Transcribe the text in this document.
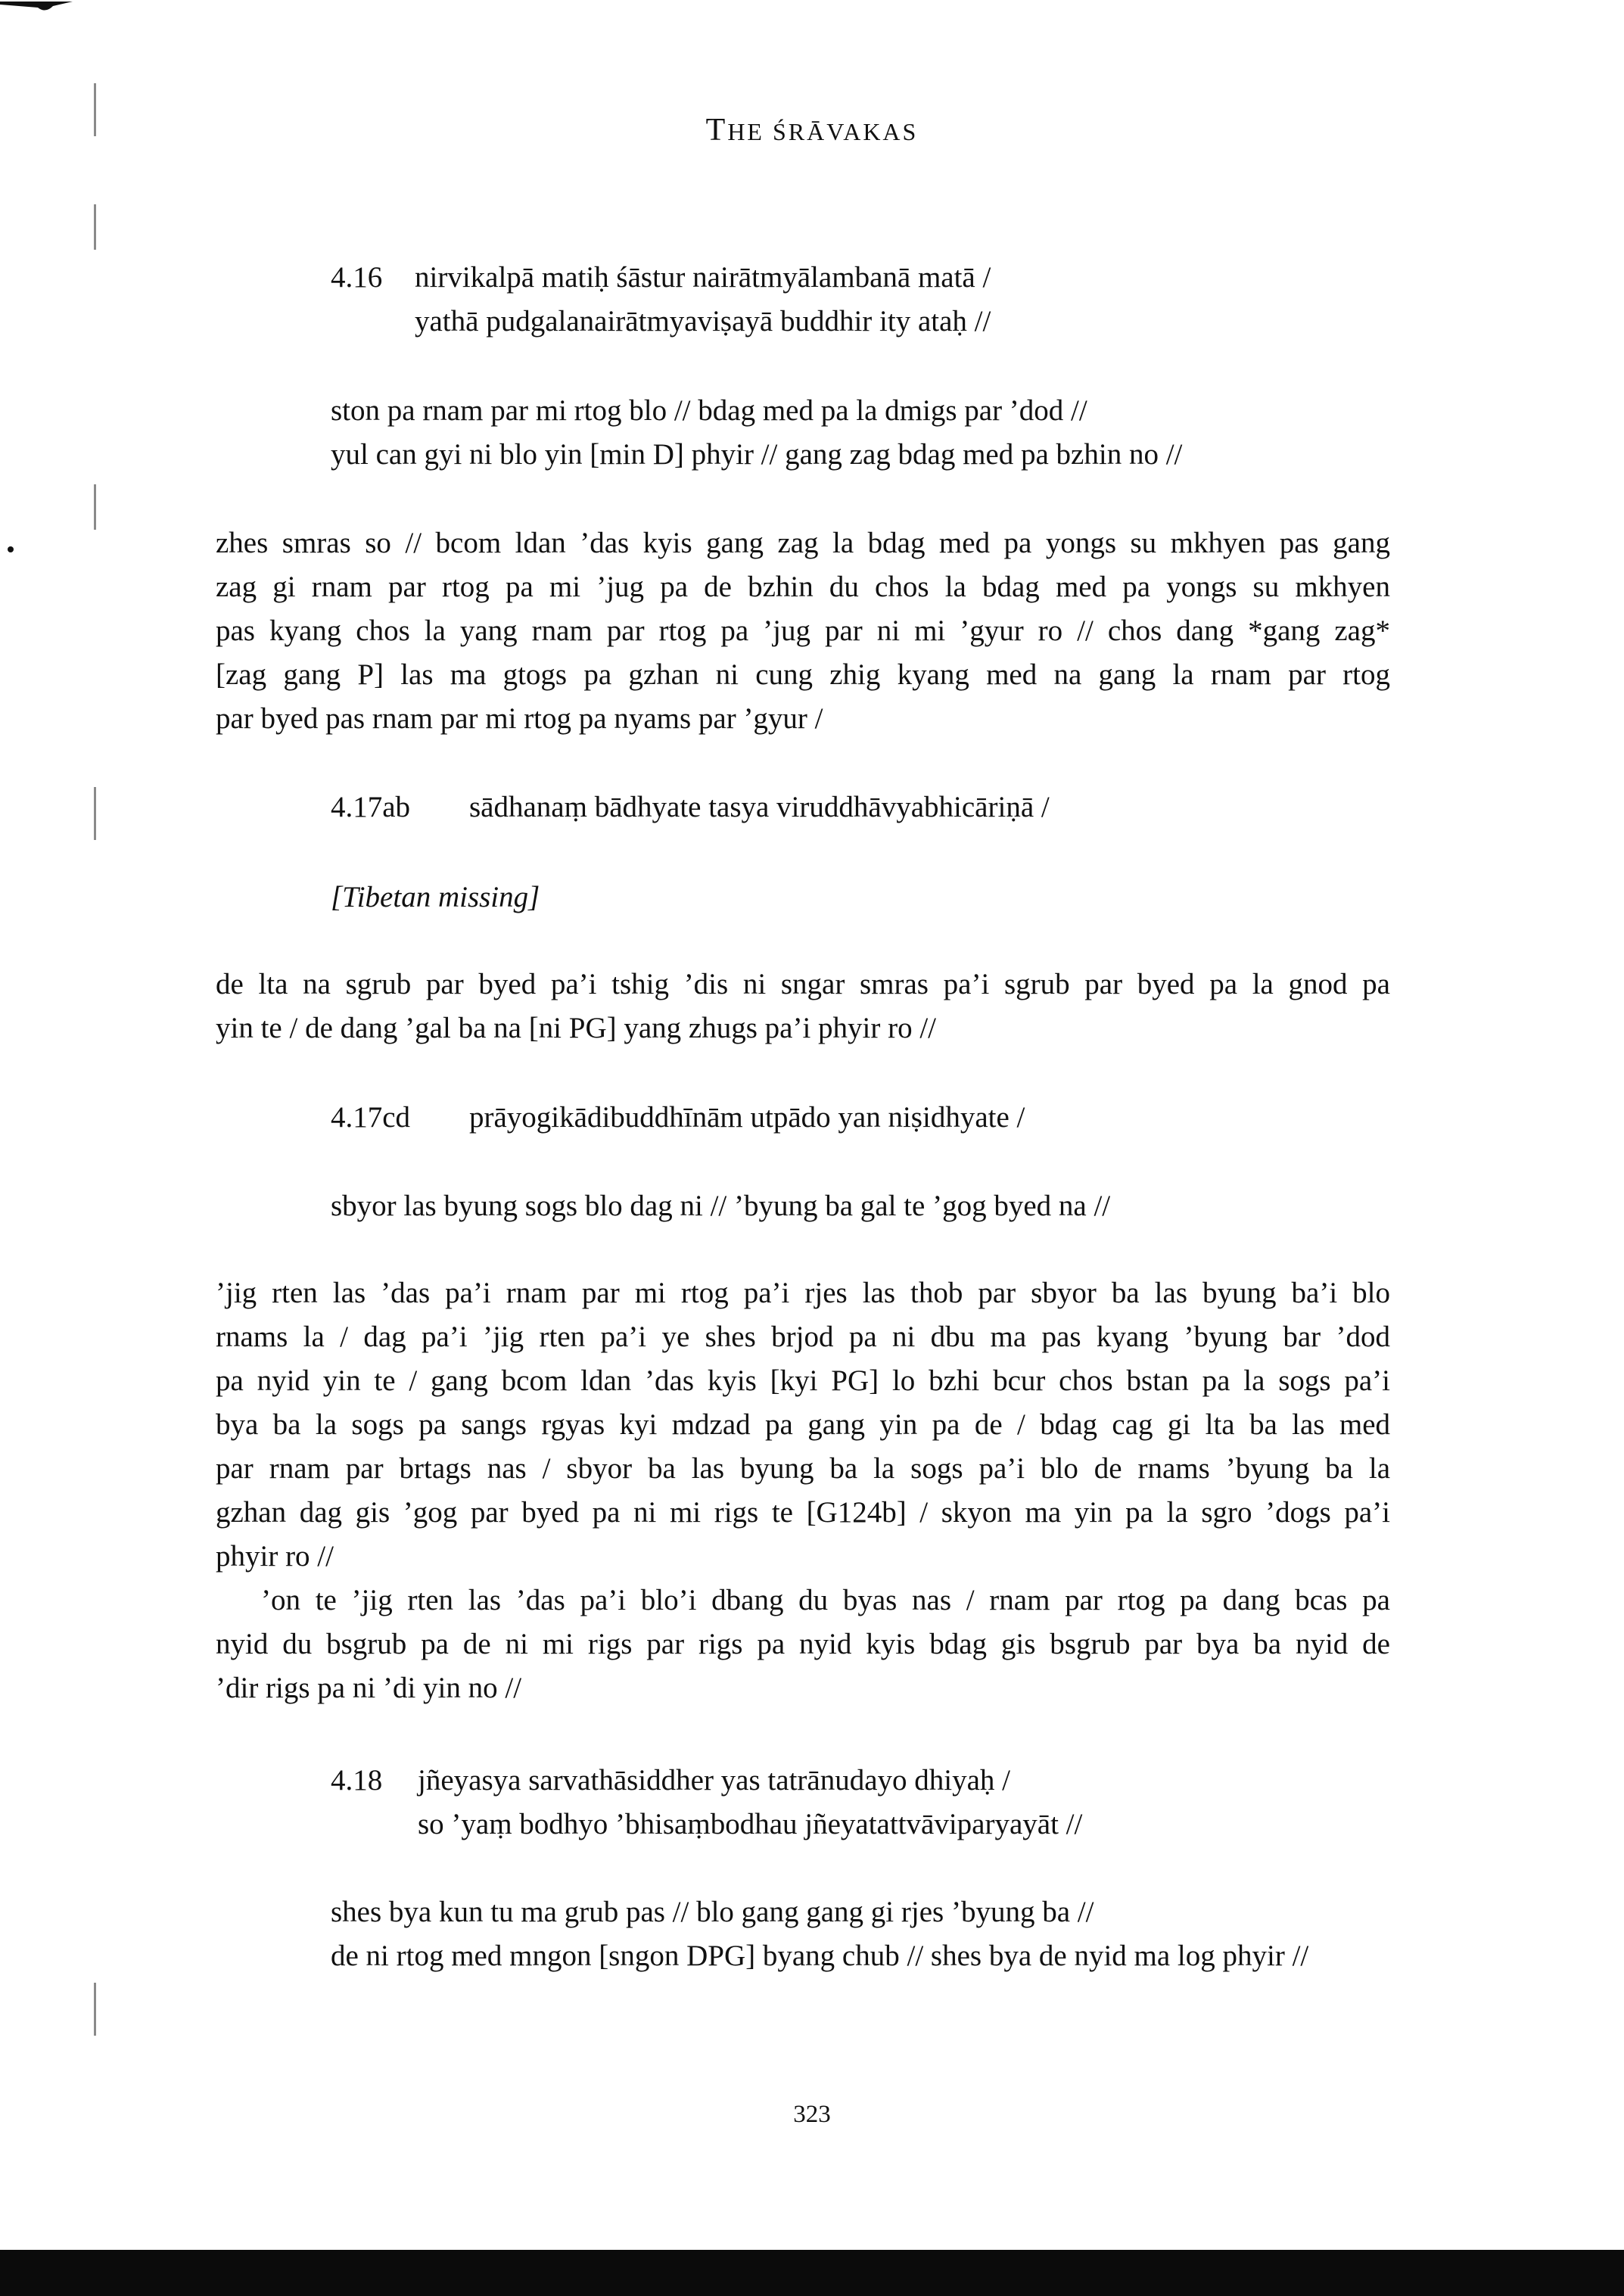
THE ŚRĀVAKAS
4.16 nirvikalpā matiḥ śāstur nairātmyālambanā matā /
yathā pudgalanairātmyaviṣayā buddhir ity ataḥ //
ston pa rnam par mi rtog blo // bdag med pa la dmigs par ’dod //
yul can gyi ni blo yin [min D] phyir // gang zag bdag med pa bzhin no //
zhes smras so // bcom ldan ’das kyis gang zag la bdag med pa yongs su mkhyen pas gang
zag gi rnam par rtog pa mi ’jug pa de bzhin du chos la bdag med pa yongs su mkhyen
pas kyang chos la yang rnam par rtog pa ’jug par ni mi ’gyur ro // chos dang *gang zag*
[zag gang P] las ma gtogs pa gzhan ni cung zhig kyang med na gang la rnam par rtog
par byed pas rnam par mi rtog pa nyams par ’gyur /
4.17ab sādhanaṃ bādhyate tasya viruddhāvyabhicāriṇā /
[Tibetan missing]
de lta na sgrub par byed pa’i tshig ’dis ni sngar smras pa’i sgrub par byed pa la gnod pa
yin te / de dang ’gal ba na [ni PG] yang zhugs pa’i phyir ro //
4.17cd prāyogikādibuddhīnām utpādo yan niṣidhyate /
sbyor las byung sogs blo dag ni // ’byung ba gal te ’gog byed na //
’jig rten las ’das pa’i rnam par mi rtog pa’i rjes las thob par sbyor ba las byung ba’i blo
rnams la / dag pa’i ’jig rten pa’i ye shes brjod pa ni dbu ma pas kyang ’byung bar ’dod
pa nyid yin te / gang bcom ldan ’das kyis [kyi PG] lo bzhi bcur chos bstan pa la sogs pa’i
bya ba la sogs pa sangs rgyas kyi mdzad pa gang yin pa de / bdag cag gi lta ba las med
par rnam par brtags nas / sbyor ba las byung ba la sogs pa’i blo de rnams ’byung ba la
gzhan dag gis ’gog par byed pa ni mi rigs te [G124b] / skyon ma yin pa la sgro ’dogs pa’i
phyir ro //
’on te ’jig rten las ’das pa’i blo’i dbang du byas nas / rnam par rtog pa dang bcas pa
nyid du bsgrub pa de ni mi rigs par rigs pa nyid kyis bdag gis bsgrub par bya ba nyid de
’dir rigs pa ni ’di yin no //
4.18 jñeyasya sarvathāsiddher yas tatrānudayo dhiyaḥ /
so ’yaṃ bodhyo ’bhisaṃbodhau jñeyatattvāviparyayāt //
shes bya kun tu ma grub pas // blo gang gang gi rjes ’byung ba //
de ni rtog med mngon [sngon DPG] byang chub // shes bya de nyid ma log phyir //
323
